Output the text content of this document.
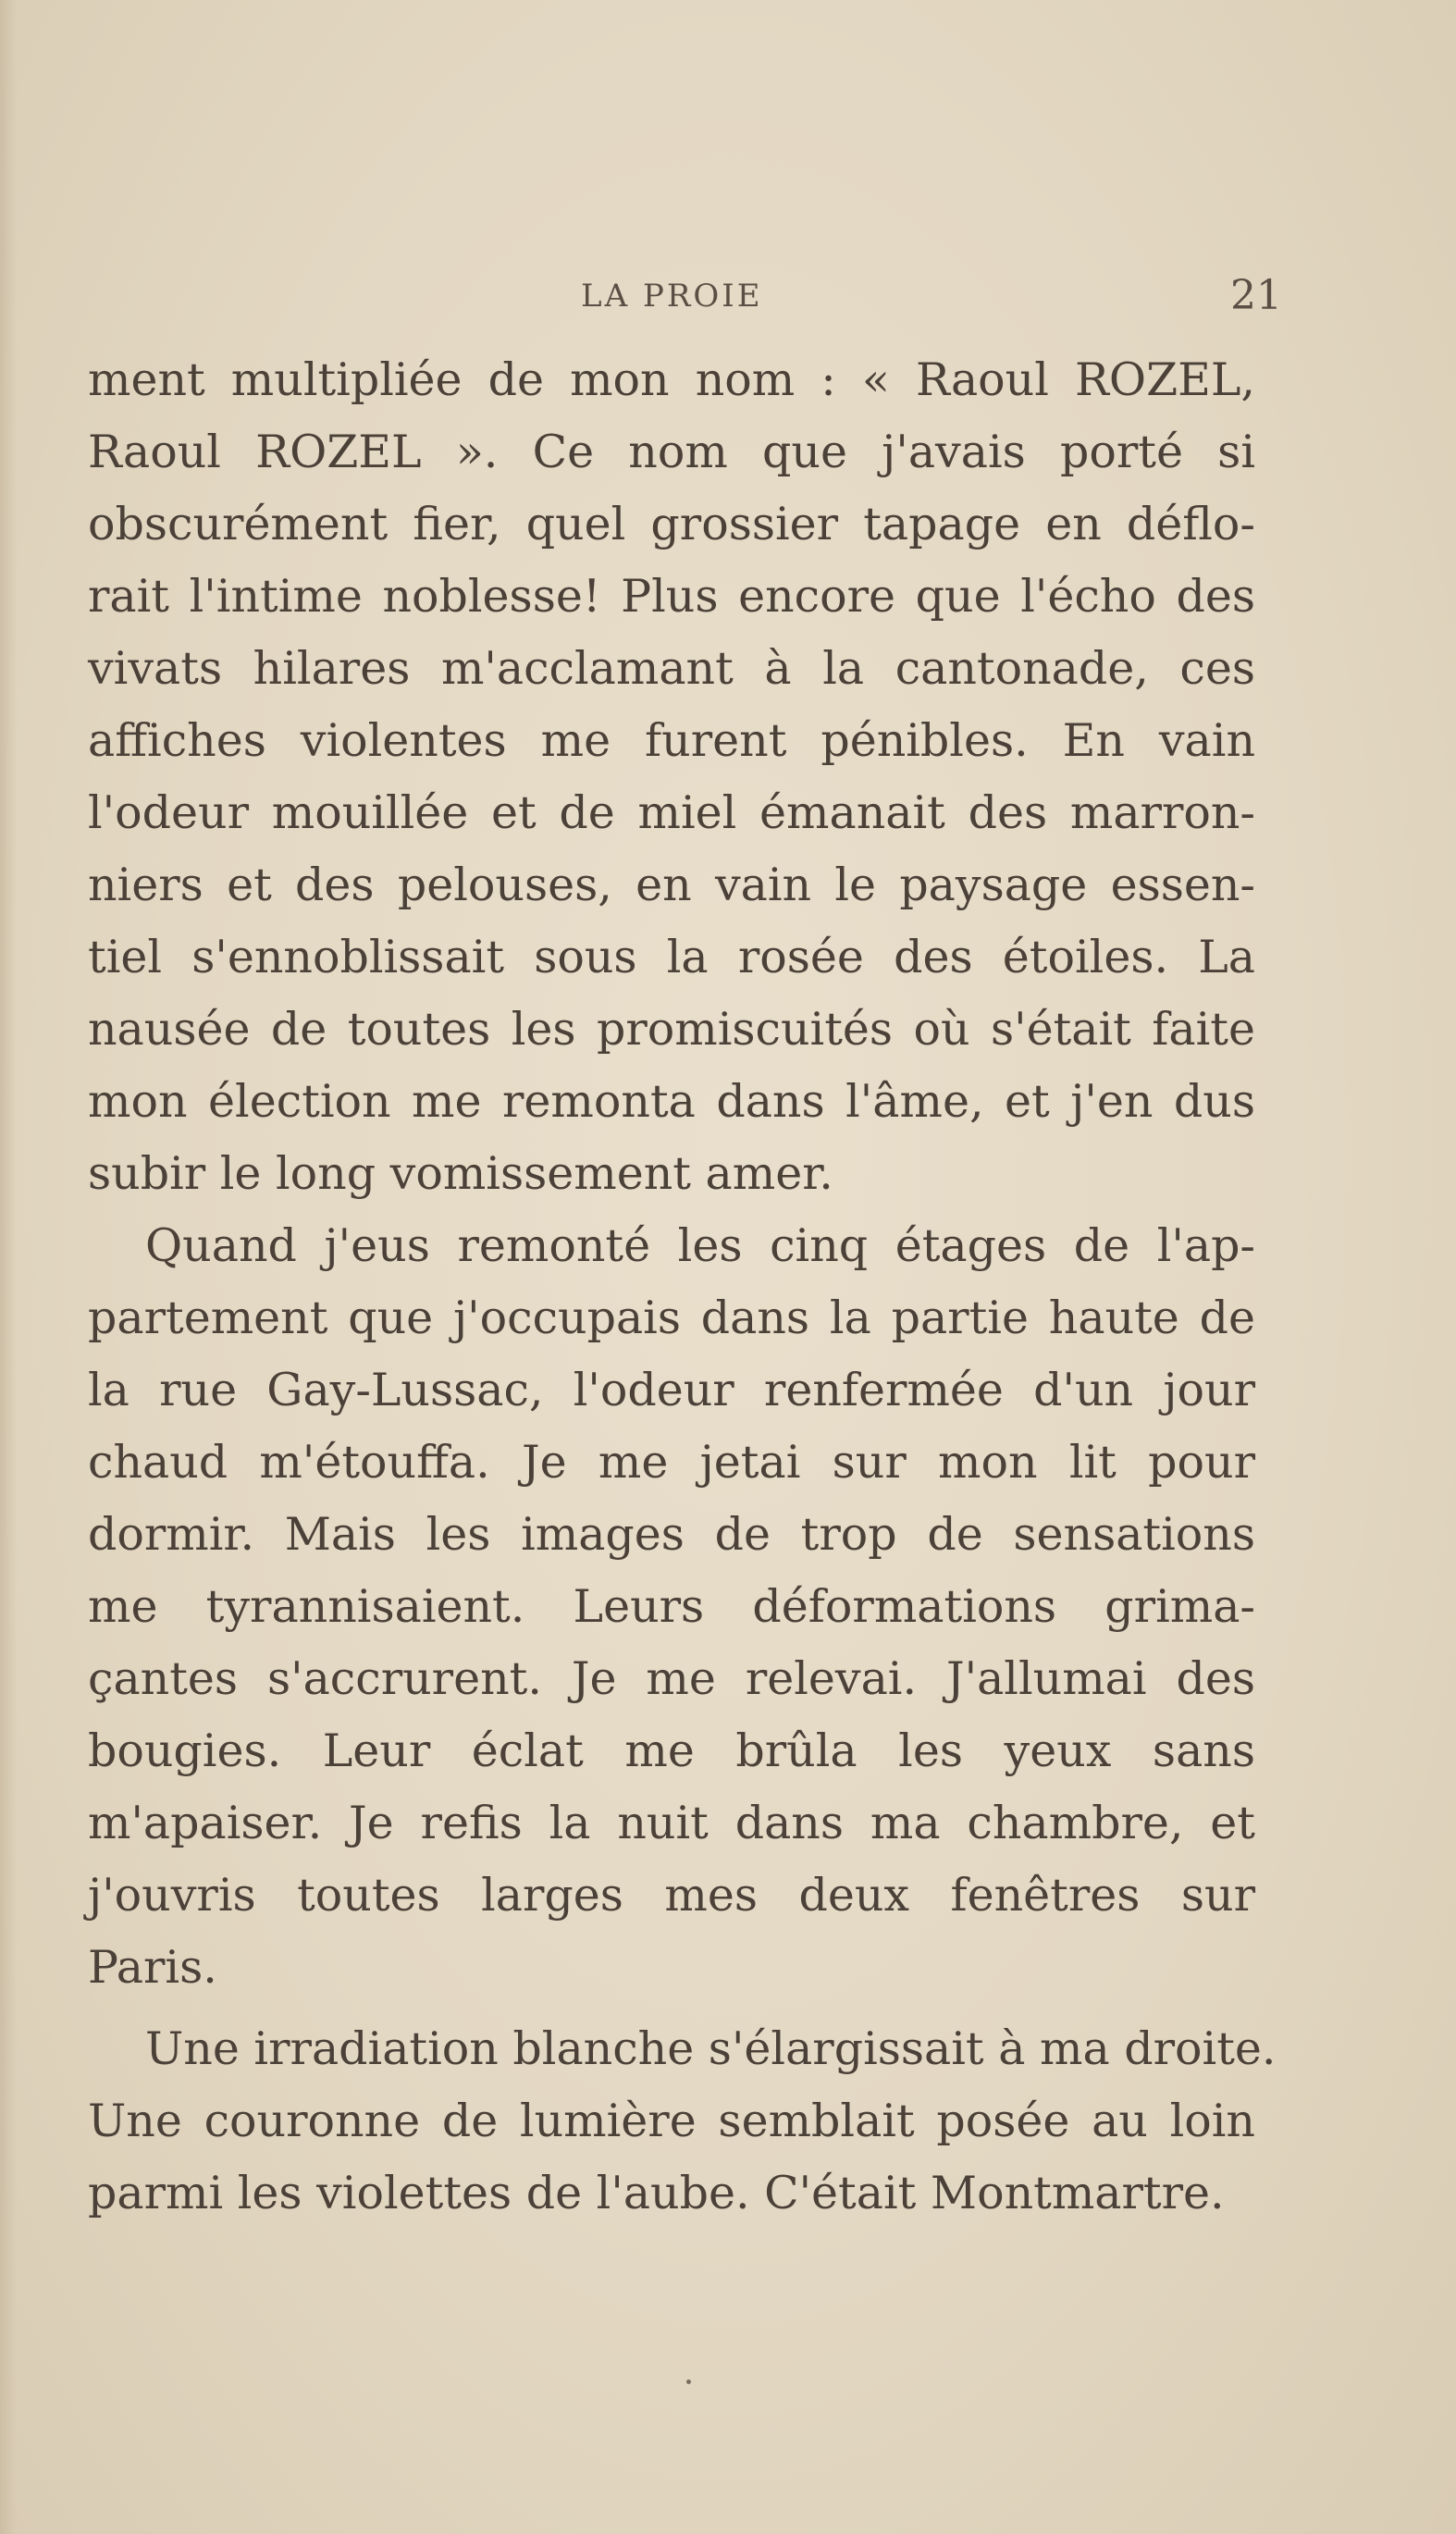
LA PROIE	21
ment multipliée de mon nom : « Raoul ROZEL,
Raoul ROZEL ». Ce nom que j'avais porté si
obscurément fier, quel grossier tapage en déflo-
rait l'intime noblesse! Plus encore que l'écho des
vivats hilares m'acclamant à la cantonade, ces
affiches violentes me furent pénibles. En vain
l'odeur mouillée et de miel émanait des marron-
niers et des pelouses, en vain le paysage essen-
tiel s'ennoblissait sous la rosée des étoiles. La
nausée de toutes les promiscuités où s'était faite
mon élection me remonta dans l'âme, et j'en dus
subir le long vomissement amer.
Quand j'eus remonté les cinq étages de l'ap-
partement que j'occupais dans la partie haute de
la rue Gay-Lussac, l'odeur renfermée d'un jour
chaud m'étouffa. Je me jetai sur mon lit pour
dormir. Mais les images de trop de sensations
me tyrannisaient. Leurs déformations grima-
çantes s'accrurent. Je me relevai. J'allumai des
bougies. Leur éclat me brûla les yeux sans
m'apaiser. Je refis la nuit dans ma chambre, et
j'ouvris toutes larges mes deux fenêtres sur
Paris.
Une irradiation blanche s'élargissait à ma droite.
Une couronne de lumière semblait posée au loin
parmi les violettes de l'aube. C'était Montmartre.
